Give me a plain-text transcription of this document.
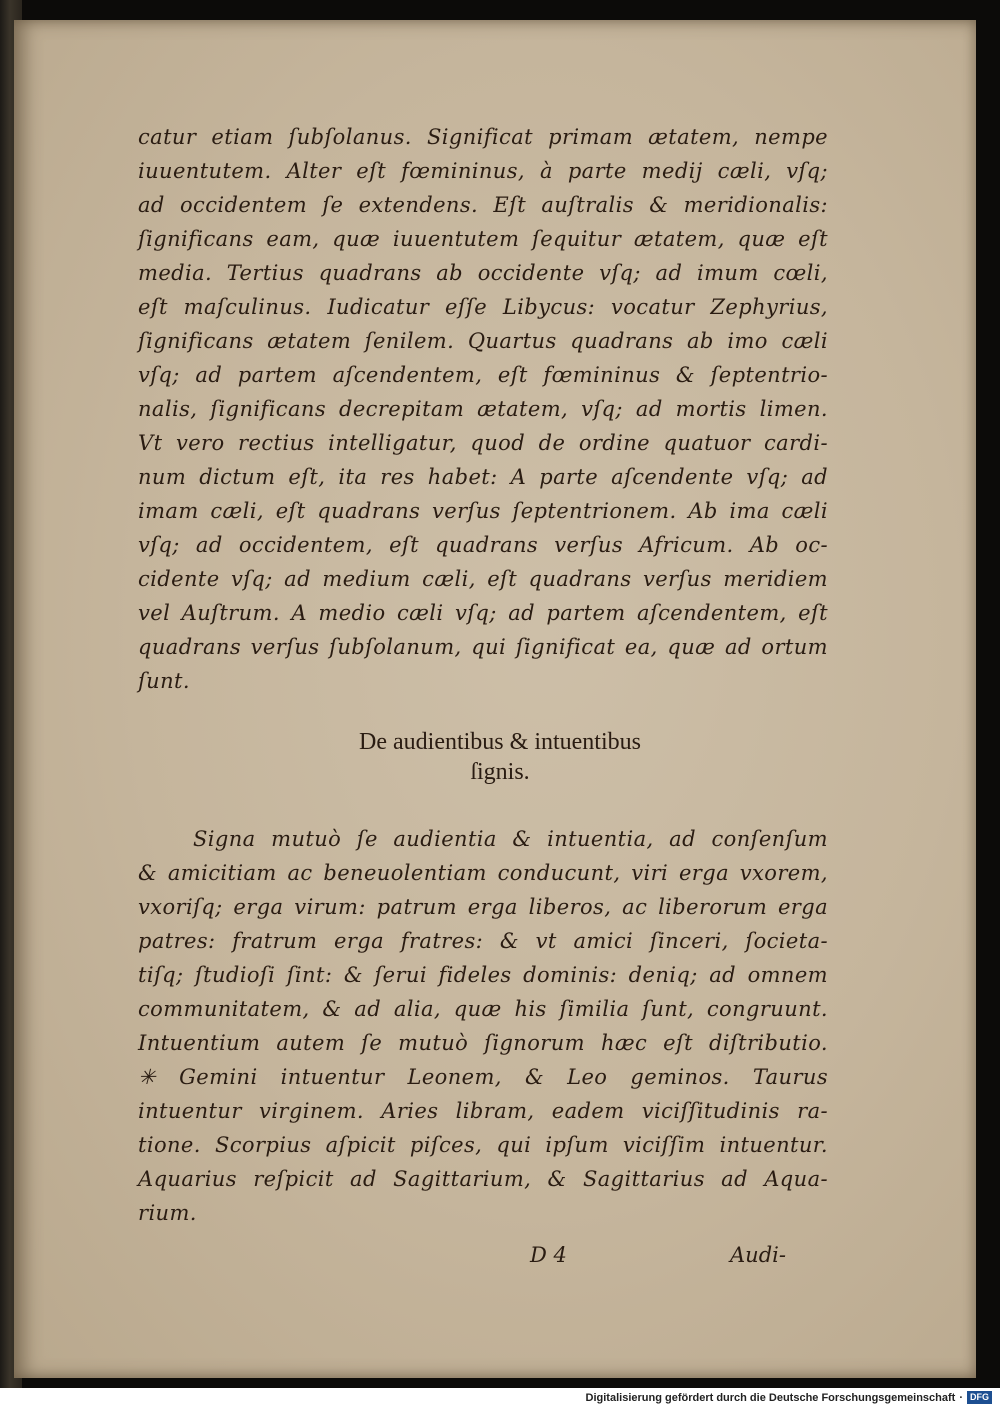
catur etiam ſubſolanus. Significat primam ætatem, nempe
iuuentutem. Alter eſt fœmininus, à parte medij cæli, vſq;
ad occidentem ſe extendens. Eſt auſtralis & meridionalis:
ſignificans eam, quæ iuuentutem ſequitur ætatem, quæ eſt
media. Tertius quadrans ab occidente vſq; ad imum cœli,
eſt maſculinus. Iudicatur eſſe Libycus: vocatur Zephyrius,
ſignificans ætatem ſenilem. Quartus quadrans ab imo cæli
vſq; ad partem aſcendentem, eſt fœmininus & ſeptentrio-
nalis, ſignificans decrepitam ætatem, vſq; ad mortis limen.
Vt vero rectius intelligatur, quod de ordine quatuor cardi-
num dictum eſt, ita res habet: A parte aſcendente vſq; ad
imam cæli, eſt quadrans verſus ſeptentrionem. Ab ima cæli
vſq; ad occidentem, eſt quadrans verſus Africum. Ab oc-
cidente vſq; ad medium cæli, eſt quadrans verſus meridiem
vel Auſtrum. A medio cæli vſq; ad partem aſcendentem, eſt
quadrans verſus ſubſolanum, qui ſignificat ea, quæ ad ortum
ſunt.
De audientibus & intuentibus
ſignis.
Signa mutuò ſe audientia & intuentia, ad conſenſum
& amicitiam ac beneuolentiam conducunt, viri erga vxorem,
vxoriſq; erga virum: patrum erga liberos, ac liberorum erga
patres: fratrum erga fratres: & vt amici ſinceri, ſocieta-
tiſq; ſtudioſi ſint: & ſerui fideles dominis: deniq; ad omnem
communitatem, & ad alia, quæ his ſimilia ſunt, congruunt.
Intuentium autem ſe mutuò ſignorum hæc eſt diſtributio.
✳ Gemini intuentur Leonem, & Leo geminos. Taurus
intuentur virginem. Aries libram, eadem viciſſitudinis ra-
tione. Scorpius aſpicit piſces, qui ipſum viciſſim intuentur.
Aquarius reſpicit ad Sagittarium, & Sagittarius ad Aqua-
rium.
D 4	Audi-
Digitalisierung gefördert durch die Deutsche Forschungsgemeinschaft · DFG
